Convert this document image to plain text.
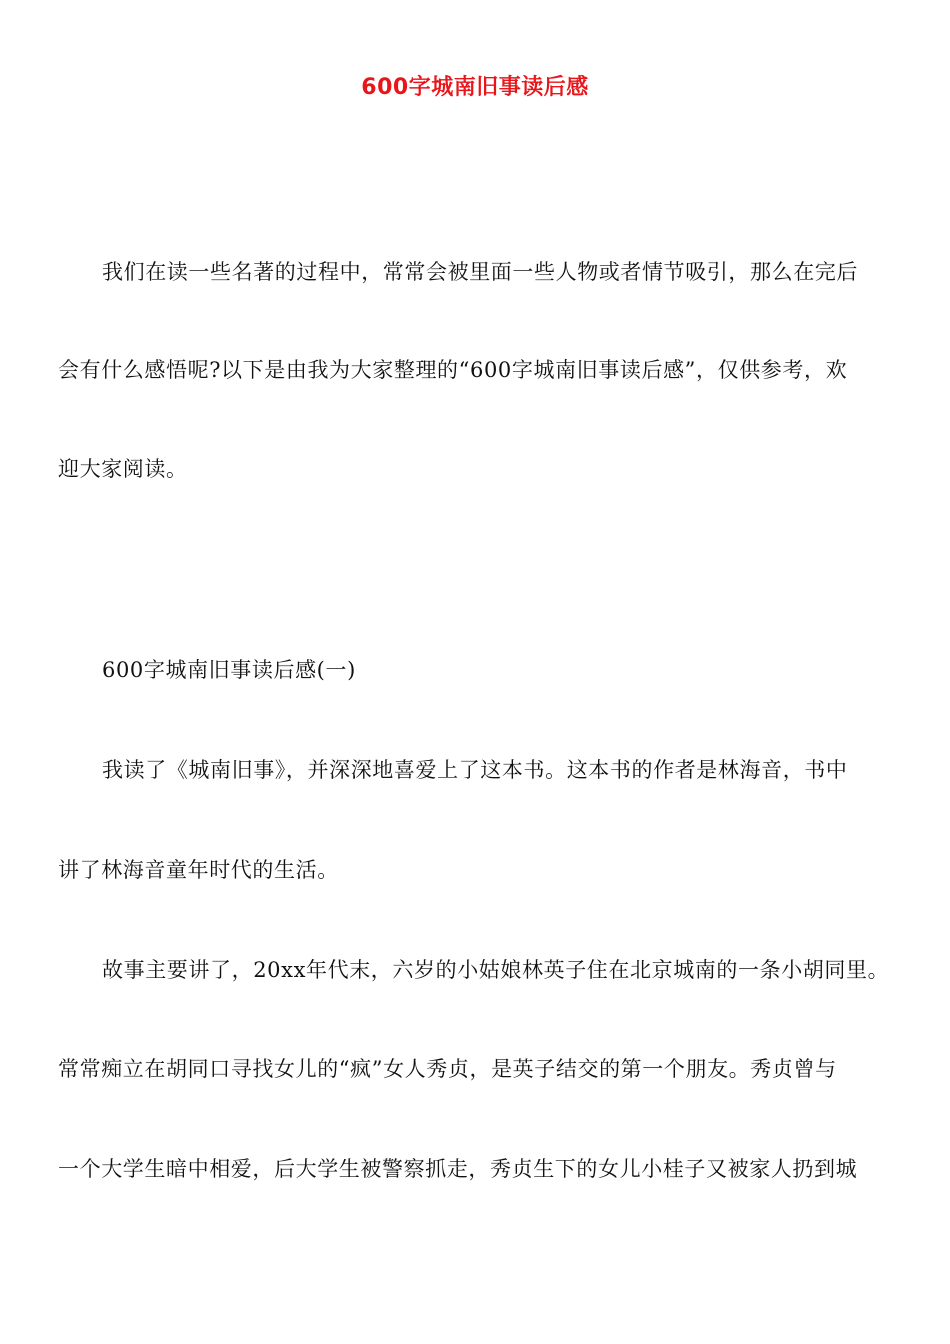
600字城南旧事读后感
我们在读一些名著的过程中，常常会被里面一些人物或者情节吸引，那么在完后
会有什么感悟呢?以下是由我为大家整理的“600字城南旧事读后感”，仅供参考，欢
迎大家阅读。
600字城南旧事读后感(一)
我读了《城南旧事》，并深深地喜爱上了这本书。这本书的作者是林海音，书中
讲了林海音童年时代的生活。
故事主要讲了，20xx年代末，六岁的小姑娘林英子住在北京城南的一条小胡同里。
常常痴立在胡同口寻找女儿的“疯”女人秀贞，是英子结交的第一个朋友。秀贞曾与
一个大学生暗中相爱，后大学生被警察抓走，秀贞生下的女儿小桂子又被家人扔到城
